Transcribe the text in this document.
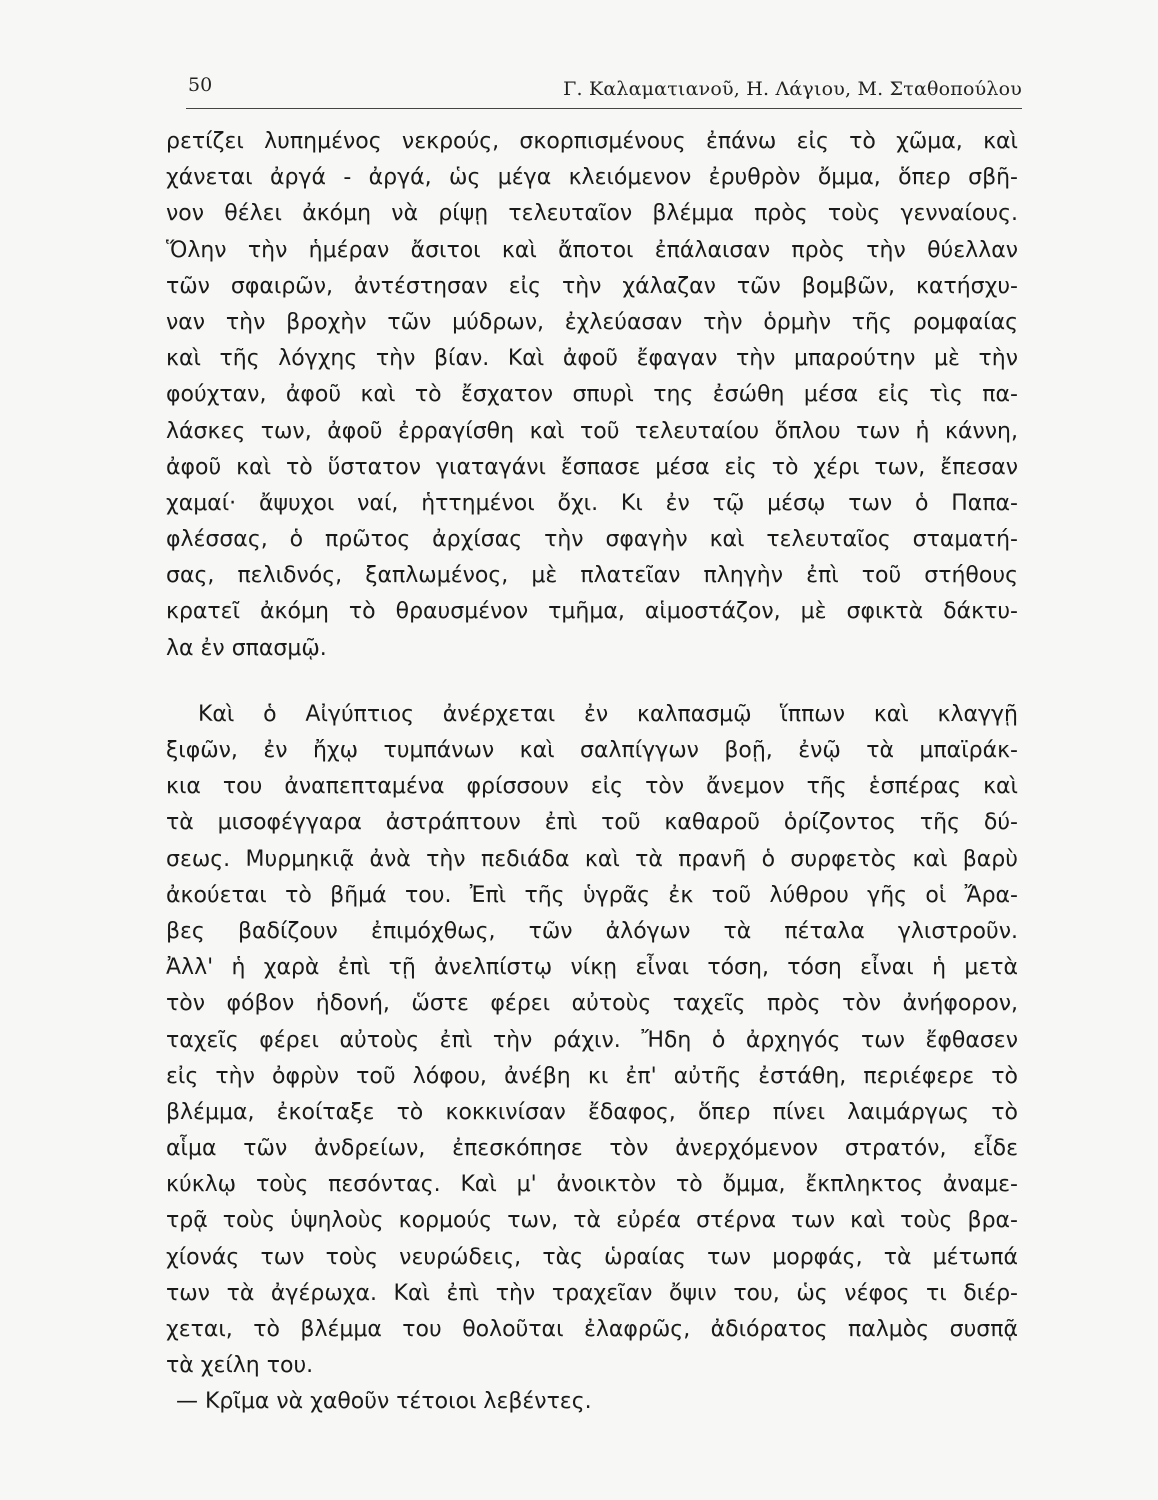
50	Γ. Καλαματιανοῦ, Η. Λάγιου, Μ. Σταθοπούλου
ρετίζει λυπημένος νεκρούς, σκορπισμένους ἐπάνω εἰς τὸ χῶμα, καὶ
χάνεται ἀργά - ἀργά, ὡς μέγα κλειόμενον ἐρυθρὸν ὄμμα, ὅπερ σβῆ-
νον θέλει ἀκόμη νὰ ρίψῃ τελευταῖον βλέμμα πρὸς τοὺς γενναίους.
Ὅλην τὴν ἡμέραν ἄσιτοι καὶ ἄποτοι ἐπάλαισαν πρὸς τὴν θύελλαν
τῶν σφαιρῶν, ἀντέστησαν εἰς τὴν χάλαζαν τῶν βομβῶν, κατήσχυ-
ναν τὴν βροχὴν τῶν μύδρων, ἐχλεύασαν τὴν ὁρμὴν τῆς ρομφαίας
καὶ τῆς λόγχης τὴν βίαν. Καὶ ἀφοῦ ἔφαγαν τὴν μπαρούτην μὲ τὴν
φούχταν, ἀφοῦ καὶ τὸ ἔσχατον σπυρὶ της ἐσώθη μέσα εἰς τὶς πα-
λάσκες των, ἀφοῦ ἐρραγίσθη καὶ τοῦ τελευταίου ὅπλου των ἡ κάννη,
ἀφοῦ καὶ τὸ ὕστατον γιαταγάνι ἔσπασε μέσα εἰς τὸ χέρι των, ἔπεσαν
χαμαί· ἄψυχοι ναί, ἡττημένοι ὄχι. Κι ἐν τῷ μέσῳ των ὁ Παπα-
φλέσσας, ὁ πρῶτος ἀρχίσας τὴν σφαγὴν καὶ τελευταῖος σταματή-
σας, πελιδνός, ξαπλωμένος, μὲ πλατεῖαν πληγὴν ἐπὶ τοῦ στήθους
κρατεῖ ἀκόμη τὸ θραυσμένον τμῆμα, αἱμοστάζον, μὲ σφικτὰ δάκτυ-
λα ἐν σπασμῷ.
Καὶ ὁ Αἰγύπτιος ἀνέρχεται ἐν καλπασμῷ ἵππων καὶ κλαγγῇ
ξιφῶν, ἐν ἤχῳ τυμπάνων καὶ σαλπίγγων βοῇ, ἐνῷ τὰ μπαϊράκ-
κια του ἀναπεπταμένα φρίσσουν εἰς τὸν ἄνεμον τῆς ἑσπέρας καὶ
τὰ μισοφέγγαρα ἀστράπτουν ἐπὶ τοῦ καθαροῦ ὁρίζοντος τῆς δύ-
σεως. Μυρμηκιᾷ ἀνὰ τὴν πεδιάδα καὶ τὰ πρανῆ ὁ συρφετὸς καὶ βαρὺ
ἀκούεται τὸ βῆμά του. Ἐπὶ τῆς ὑγρᾶς ἐκ τοῦ λύθρου γῆς οἱ Ἄρα-
βες βαδίζουν ἐπιμόχθως, τῶν ἀλόγων τὰ πέταλα γλιστροῦν.
Ἀλλ' ἡ χαρὰ ἐπὶ τῇ ἀνελπίστῳ νίκῃ εἶναι τόση, τόση εἶναι ἡ μετὰ
τὸν φόβον ἡδονή, ὥστε φέρει αὐτοὺς ταχεῖς πρὸς τὸν ἀνήφορον,
ταχεῖς φέρει αὐτοὺς ἐπὶ τὴν ράχιν. Ἤδη ὁ ἀρχηγός των ἔφθασεν
εἰς τὴν ὀφρὺν τοῦ λόφου, ἀνέβη κι ἐπ' αὐτῆς ἐστάθη, περιέφερε τὸ
βλέμμα, ἐκοίταξε τὸ κοκκινίσαν ἔδαφος, ὅπερ πίνει λαιμάργως τὸ
αἷμα τῶν ἀνδρείων, ἐπεσκόπησε τὸν ἀνερχόμενον στρατόν, εἶδε
κύκλῳ τοὺς πεσόντας. Καὶ μ' ἀνοικτὸν τὸ ὄμμα, ἔκπληκτος ἀναμε-
τρᾷ τοὺς ὑψηλοὺς κορμούς των, τὰ εὐρέα στέρνα των καὶ τοὺς βρα-
χίονάς των τοὺς νευρώδεις, τὰς ὡραίας των μορφάς, τὰ μέτωπά
των τὰ ἀγέρωχα. Καὶ ἐπὶ τὴν τραχεῖαν ὄψιν του, ὡς νέφος τι διέρ-
χεται, τὸ βλέμμα του θολοῦται ἐλαφρῶς, ἀδιόρατος παλμὸς συσπᾷ
τὰ χείλη του.
— Κρῖμα νὰ χαθοῦν τέτοιοι λεβέντες.
